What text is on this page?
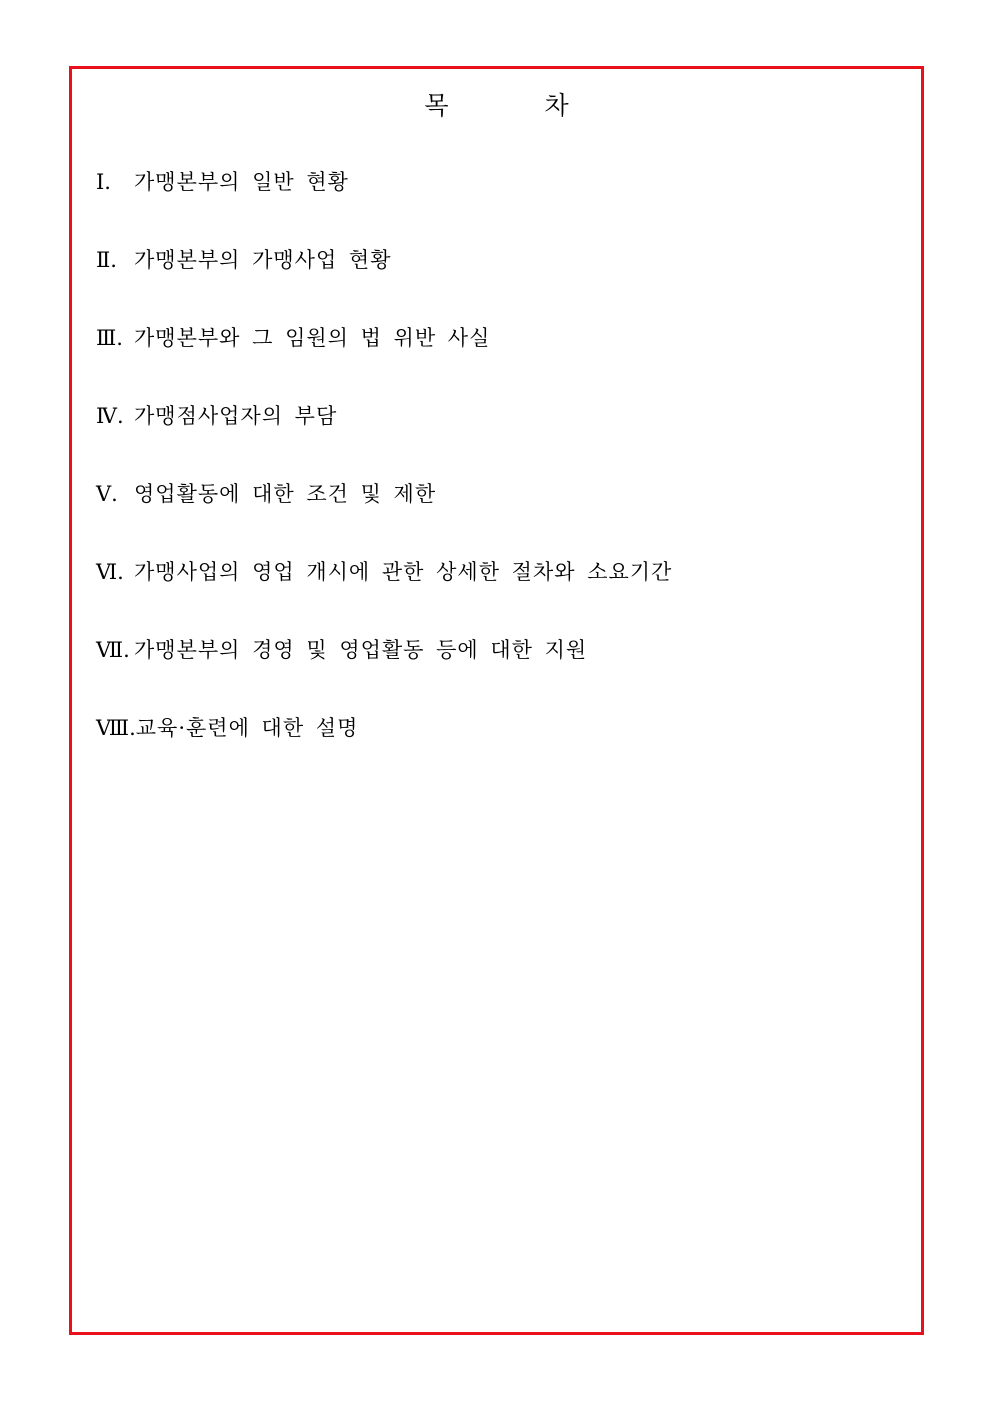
목 차
Ⅰ.	가맹본부의 일반 현황
Ⅱ. 가맹본부의 가맹사업 현황
Ⅲ. 가맹본부와 그 임원의 법 위반 사실
Ⅳ. 가맹점사업자의 부담
Ⅴ. 영업활동에 대한 조건 및 제한
Ⅵ. 가맹사업의 영업 개시에 관한 상세한 절차와 소요기간
Ⅶ. 가맹본부의 경영 및 영업활동 등에 대한 지원
Ⅷ. 교육·훈련에 대한 설명
